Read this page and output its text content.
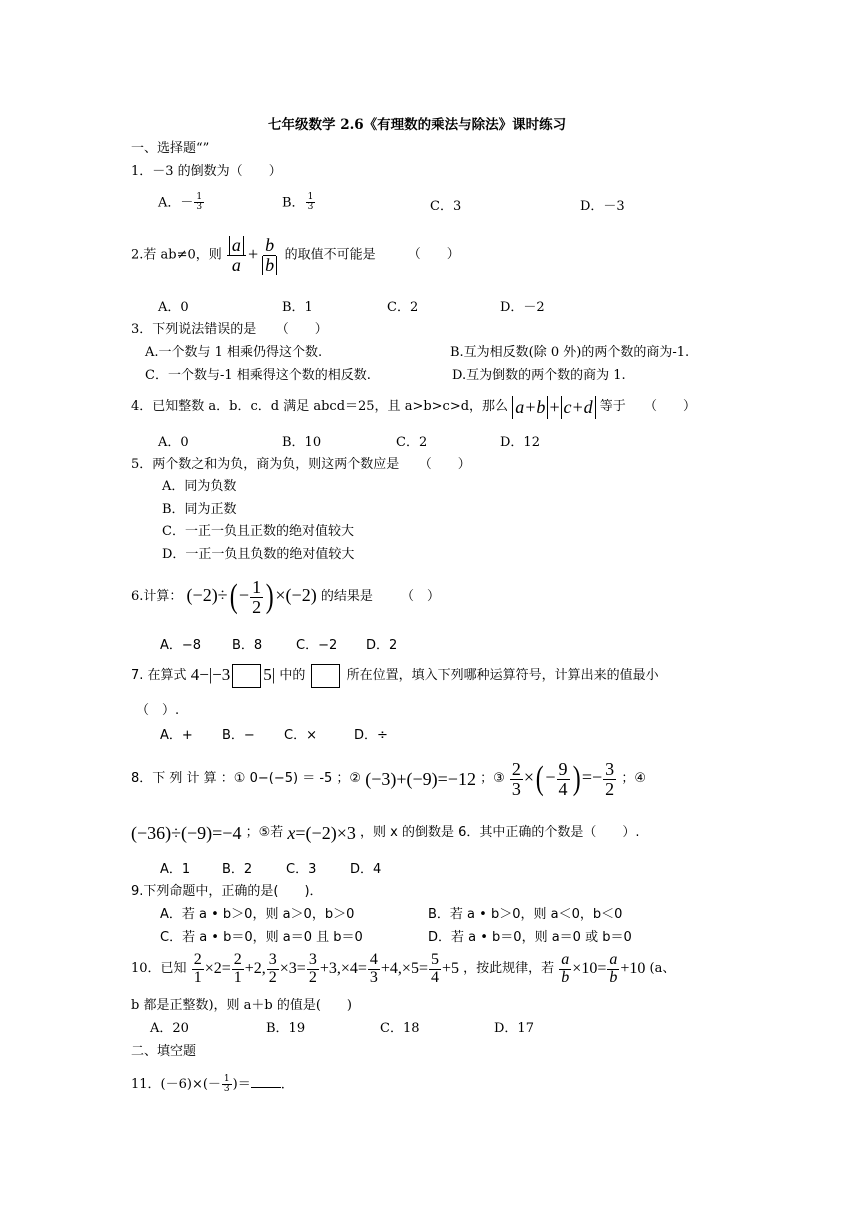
七年级数学 2.6《有理数的乘法与除法》课时练习
一、选择题“”
1．－3 的倒数为（　　 ）
A．－ $\frac{1}{3}$	B． $\frac{1}{3}$	C．3	D．－3
2.若 ab≠0，则 $\frac{a}{a} + \frac{b}{b}$ 的取值不可能是 （　　）
A．0	B．1	C．2	D．－2
3．下列说法错误的是　　（　　）
A.一个数与 1 相乘仍得这个数.	B.互为相反数(除 0 外)的两个数的商为-1.
C．一个数与-1 相乘得这个数的相反数.	D.互为倒数的两个数的商为 1.
4．已知整数 a．b．c．d 满足 abcd＝25，且 a>b>c>d，那么 a+b + c+d 等于 （　　）
A．0	B．10	C．2	D．12
5．两个数之和为负，商为负，则这两个数应是　　（　　）
A．同为负数
B．同为正数
C．一正一负且正数的绝对值较大
D．一正一负且负数的绝对值较大
6.计算： $(-2)\div(- \frac{1}{2} )\times(-2)$ 的结果是 （　）
A．−8 B．8	C．−2 D．2
7. 在算式 4−|−3 5| 中的	所在位置，填入下列哪种运算符号，计算出来的值最小
（　）.
A．+ B．− C．×	D．÷
8．下 列 计 算 ：① 0−(−5) ＝ -5 ；② (−3)+(−9)=−12 ；③ $\frac{2}{3}$ ×(− $\frac{9}{4}$ )=− $\frac{3}{2}$ ；④
(−36)÷(−9)=−4 ；⑤若 x=(−2)×3 ，则 x 的倒数是 6．其中正确的个数是（　　）.
A．1 B．2	C．3	D．4
9.下列命题中，正确的是(　　)．
A．若 a • b＞0，则 a＞0，b＞0	B．若 a • b＞0，则 a＜0，b＜0
C．若 a • b＝0，则 a＝0 且 b＝0	D．若 a • b＝0，则 a＝0 或 b＝0
10．已知 $\frac{2}{1} \times 2= \frac{2}{1} +2$, $\frac{3}{2} \times 3= \frac{3}{2} +3,\times 4= \frac{4}{3} +4,\times 5= \frac{5}{4} +5$ ，按此规律，若 $\frac{a}{b} \times 10= \frac{a}{b} +10$ (a、
b 都是正整数)，则 a＋b 的值是(　　)
A．20	B．19	C．18	D．17
二、填空题
11．$(-6)\times(- \frac{1}{3}$ )＝ .
